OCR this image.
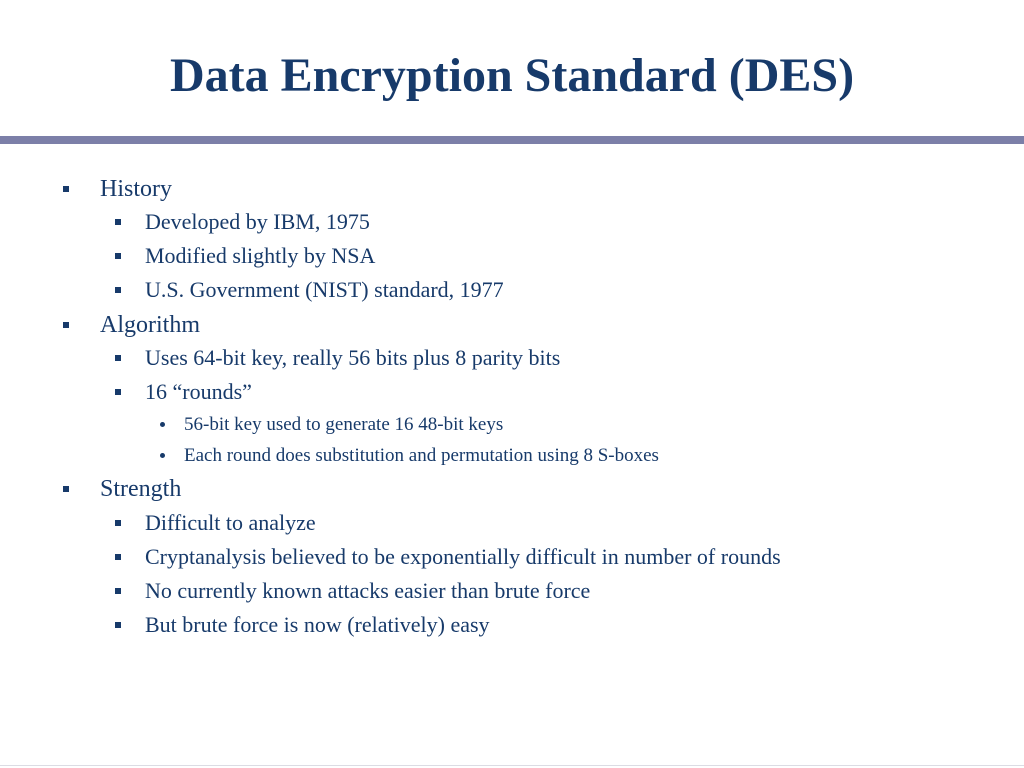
Data Encryption Standard (DES)
History
Developed by IBM, 1975
Modified slightly by NSA
U.S. Government (NIST) standard, 1977
Algorithm
Uses 64-bit key, really 56 bits plus 8 parity bits
16 “rounds”
56-bit key used to generate 16 48-bit keys
Each round does substitution and permutation using 8 S-boxes
Strength
Difficult to analyze
Cryptanalysis believed to be exponentially difficult in number of rounds
No currently known attacks easier than brute force
But brute force is now (relatively) easy
